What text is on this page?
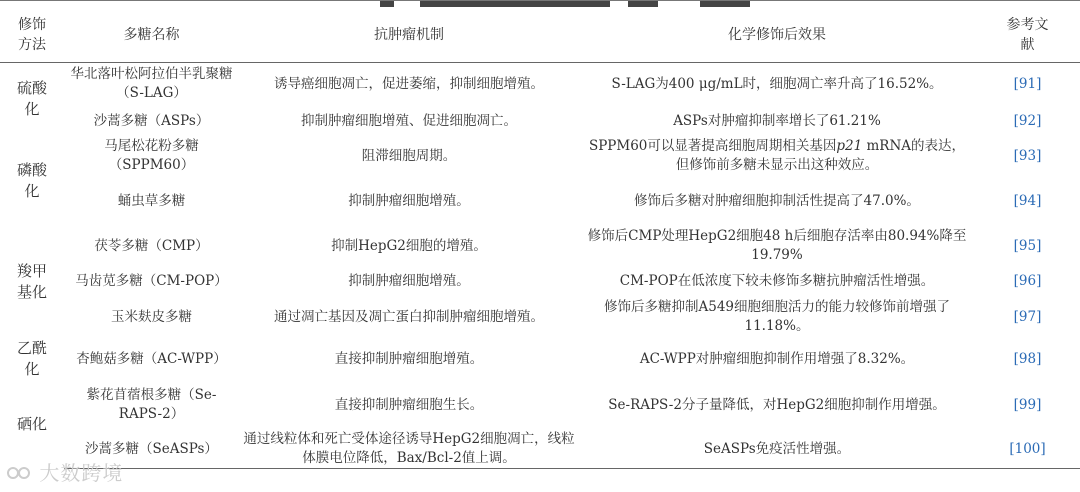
修饰
方法	多糖名称	抗肿瘤机制	化学修饰后效果	参考文
献
硫酸
化	华北落叶松阿拉伯半乳聚糖（S-LAG）	诱导癌细胞凋亡，促进萎缩，抑制细胞增殖。	S-LAG为400 μg/mL时，细胞凋亡率升高了16.52%。	[91]
	沙蒿多糖（ASPs）	抑制肿瘤细胞增殖、促进细胞凋亡。	ASPs对肿瘤抑制率增长了61.21%	[92]
磷酸
化	马尾松花粉多糖（SPPM60）	阻滞细胞周期。	SPPM60可以显著提高细胞周期相关基因p21 mRNA的表达，但修饰前多糖未显示出这种效应。	[93]
	蛹虫草多糖	抑制肿瘤细胞增殖。	修饰后多糖对肿瘤细胞抑制活性提高了47.0%。	[94]
羧甲
基化	茯苓多糖（CMP）	抑制HepG2细胞的增殖。	修饰后CMP处理HepG2细胞48 h后细胞存活率由80.94%降至19.79%	[95]
	马齿苋多糖（CM-POP）	抑制肿瘤细胞增殖。	CM-POP在低浓度下较未修饰多糖抗肿瘤活性增强。	[96]
	玉米麸皮多糖	通过凋亡基因及凋亡蛋白抑制肿瘤细胞增殖。	修饰后多糖抑制A549细胞细胞活力的能力较修饰前增强了11.18%。	[97]
乙酰
化	杏鲍菇多糖（AC-WPP）	直接抑制肿瘤细胞增殖。	AC-WPP对肿瘤细胞抑制作用增强了8.32%。	[98]
硒化	紫花苜蓿根多糖（Se-RAPS-2）	直接抑制肿瘤细胞生长。	Se-RAPS-2分子量降低，对HepG2细胞抑制作用增强。	[99]
	沙蒿多糖（SeASPs）	通过线粒体和死亡受体途径诱导HepG2细胞凋亡，线粒体膜电位降低，Bax/Bcl-2值上调。	SeASPs免疫活性增强。	[100]
大数跨境
